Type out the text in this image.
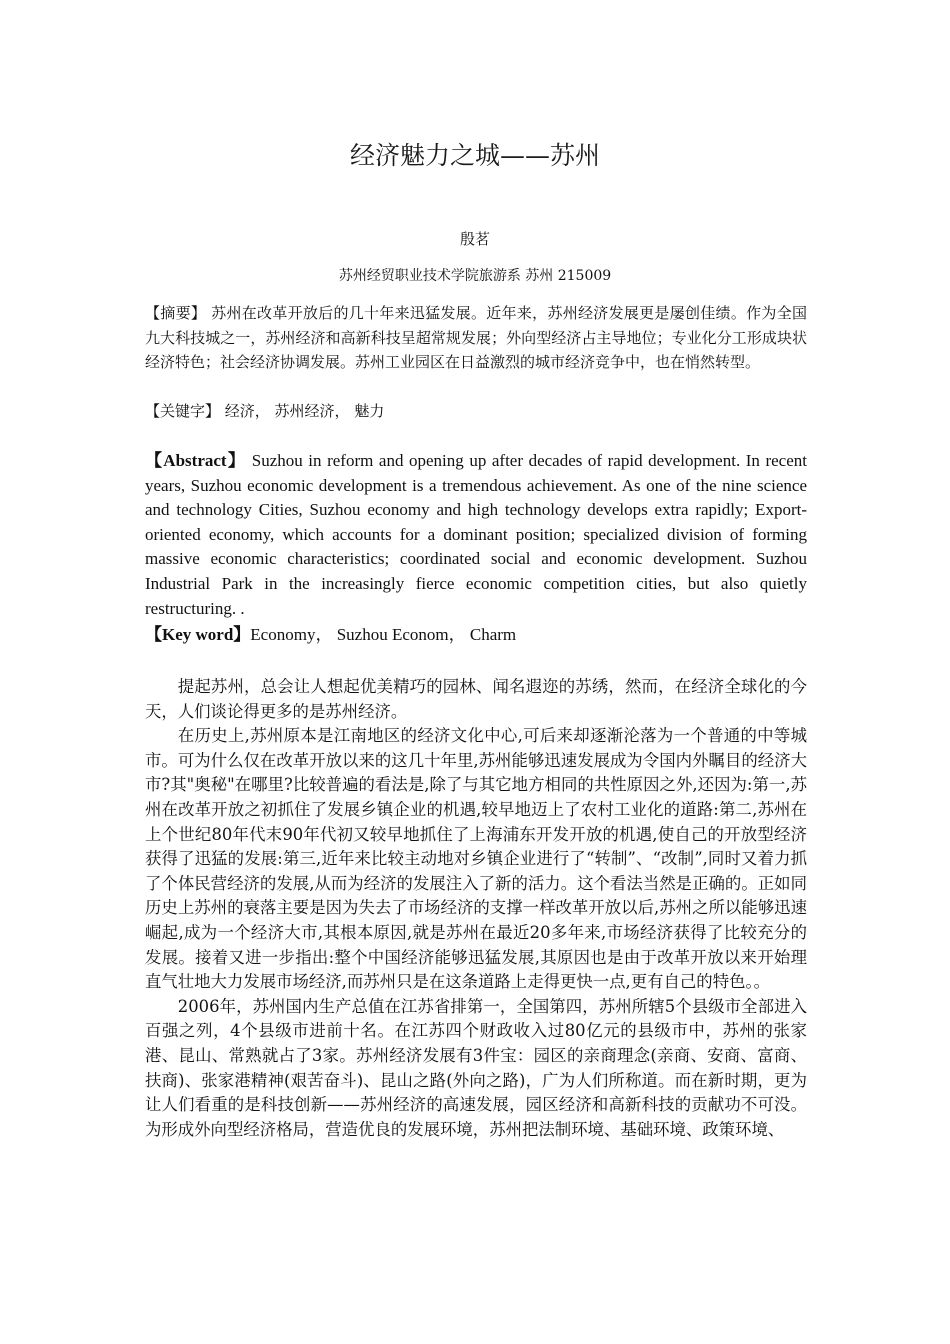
经济魅力之城——苏州
殷茗
苏州经贸职业技术学院旅游系 苏州 215009
【摘要】 苏州在改革开放后的几十年来迅猛发展。近年来，苏州经济发展更是屡创佳绩。作为全国九大科技城之一，苏州经济和高新科技呈超常规发展；外向型经济占主导地位；专业化分工形成块状经济特色；社会经济协调发展。苏州工业园区在日益激烈的城市经济竞争中，也在悄然转型。
【关键字】 经济， 苏州经济， 魅力
【Abstract】 Suzhou in reform and opening up after decades of rapid development. In recent years, Suzhou economic development is a tremendous achievement. As one of the nine science and technology Cities, Suzhou economy and high technology develops extra rapidly; Export-oriented economy, which accounts for a dominant position; specialized division of forming massive economic characteristics; coordinated social and economic development. Suzhou Industrial Park in the increasingly fierce economic competition cities, but also quietly restructuring. .
【Key word】Economy， Suzhou Econom， Charm

提起苏州，总会让人想起优美精巧的园林、闻名遐迩的苏绣，然而，在经济全球化的今天，人们谈论得更多的是苏州经济。

在历史上,苏州原本是江南地区的经济文化中心,可后来却逐渐沦落为一个普通的中等城市。可为什么仅在改革开放以来的这几十年里,苏州能够迅速发展成为令国内外瞩目的经济大市?其"奥秘"在哪里?比较普遍的看法是,除了与其它地方相同的共性原因之外,还因为:第一,苏州在改革开放之初抓住了发展乡镇企业的机遇,较早地迈上了农村工业化的道路:第二,苏州在上个世纪80年代末90年代初又较早地抓住了上海浦东开发开放的机遇,使自己的开放型经济获得了迅猛的发展:第三,近年来比较主动地对乡镇企业进行了“转制”、“改制”,同时又着力抓了个体民营经济的发展,从而为经济的发展注入了新的活力。这个看法当然是正确的。正如同历史上苏州的衰落主要是因为失去了市场经济的支撑一样改革开放以后,苏州之所以能够迅速崛起,成为一个经济大市,其根本原因,就是苏州在最近20多年来,市场经济获得了比较充分的发展。接着又进一步指出:整个中国经济能够迅猛发展,其原因也是由于改革开放以来开始理直气壮地大力发展市场经济,而苏州只是在这条道路上走得更快一点,更有自己的特色。。

2006年，苏州国内生产总值在江苏省排第一，全国第四，苏州所辖5个县级市全部进入百强之列，4个县级市进前十名。在江苏四个财政收入过80亿元的县级市中，苏州的张家港、昆山、常熟就占了3家。苏州经济发展有3件宝：园区的亲商理念(亲商、安商、富商、扶商)、张家港精神(艰苦奋斗)、昆山之路(外向之路)，广为人们所称道。而在新时期，更为让人们看重的是科技创新——苏州经济的高速发展，园区经济和高新科技的贡献功不可没。为形成外向型经济格局，营造优良的发展环境，苏州把法制环境、基础环境、政策环境、
